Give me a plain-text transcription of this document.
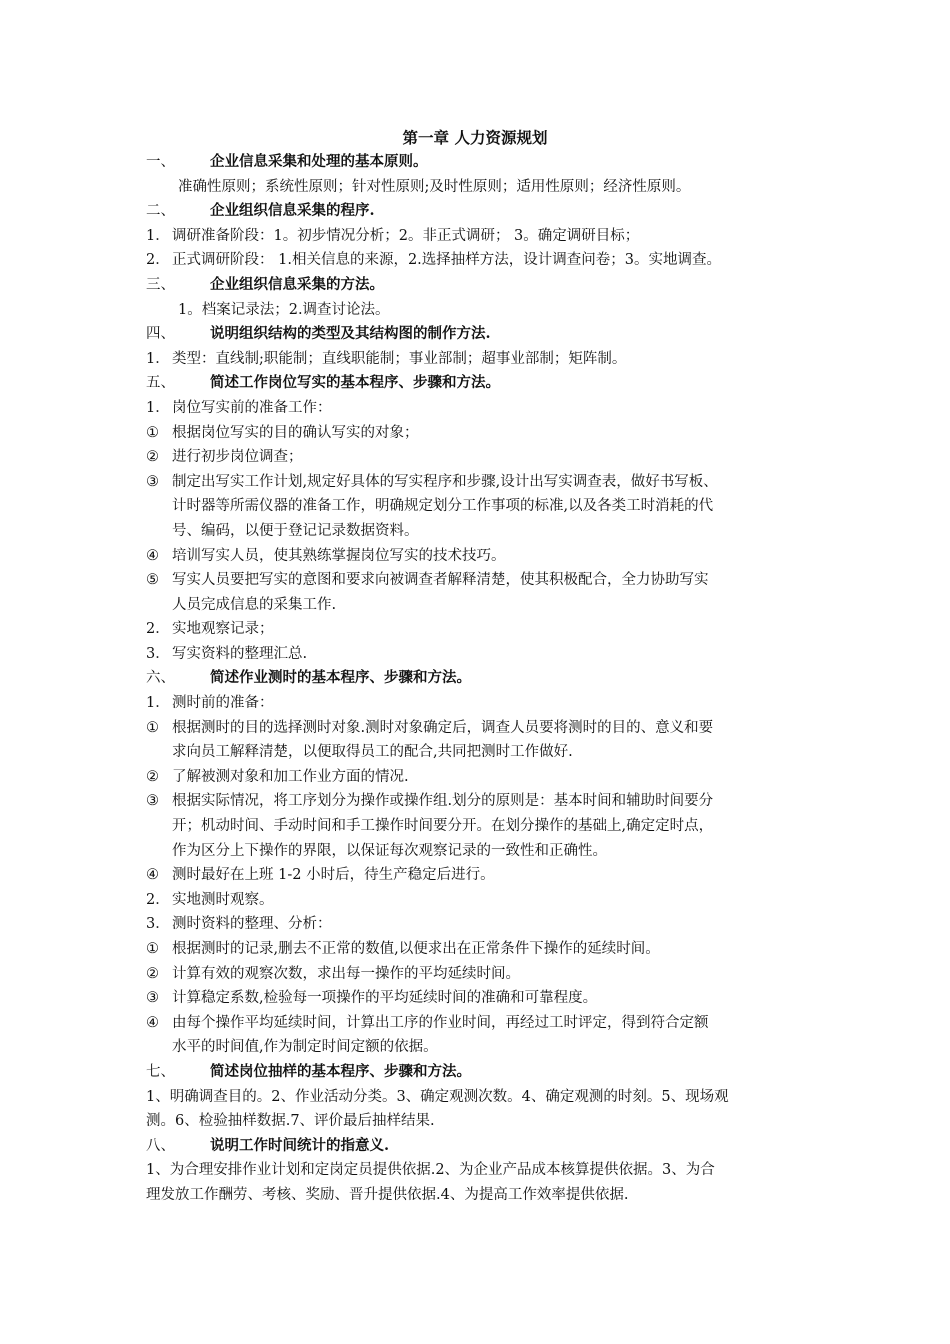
第一章 人力资源规划
一、 企业信息采集和处理的基本原则。
准确性原则；系统性原则；针对性原则;及时性原则；适用性原则；经济性原则。
二、 企业组织信息采集的程序.
1． 调研准备阶段：1。初步情况分析；2。非正式调研； 3。确定调研目标；
2． 正式调研阶段： 1.相关信息的来源，2.选择抽样方法，设计调查问卷；3。实地调查。
三、 企业组织信息采集的方法。
1。档案记录法；2.调查讨论法。
四、 说明组织结构的类型及其结构图的制作方法.
1． 类型：直线制;职能制；直线职能制；事业部制；超事业部制；矩阵制。
五、 简述工作岗位写实的基本程序、步骤和方法。
1． 岗位写实前的准备工作：
① 根据岗位写实的目的确认写实的对象；
② 进行初步岗位调查；
③ 制定出写实工作计划,规定好具体的写实程序和步骤,设计出写实调查表，做好书写板、
计时器等所需仪器的准备工作，明确规定划分工作事项的标准,以及各类工时消耗的代
号、编码，以便于登记记录数据资料。
④ 培训写实人员，使其熟练掌握岗位写实的技术技巧。
⑤ 写实人员要把写实的意图和要求向被调查者解释清楚，使其积极配合，全力协助写实
人员完成信息的采集工作.
2． 实地观察记录；
3． 写实资料的整理汇总.
六、 简述作业测时的基本程序、步骤和方法。
1． 测时前的准备：
① 根据测时的目的选择测时对象.测时对象确定后，调查人员要将测时的目的、意义和要
求向员工解释清楚，以便取得员工的配合,共同把测时工作做好.
② 了解被测对象和加工作业方面的情况.
③ 根据实际情况，将工序划分为操作或操作组.划分的原则是：基本时间和辅助时间要分
开；机动时间、手动时间和手工操作时间要分开。在划分操作的基础上,确定定时点，
作为区分上下操作的界限，以保证每次观察记录的一致性和正确性。
④ 测时最好在上班 1-2 小时后，待生产稳定后进行。
2． 实地测时观察。
3． 测时资料的整理、分析：
① 根据测时的记录,删去不正常的数值,以便求出在正常条件下操作的延续时间。
② 计算有效的观察次数，求出每一操作的平均延续时间。
③ 计算稳定系数,检验每一项操作的平均延续时间的准确和可靠程度。
④ 由每个操作平均延续时间，计算出工序的作业时间，再经过工时评定，得到符合定额
水平的时间值,作为制定时间定额的依据。
七、 简述岗位抽样的基本程序、步骤和方法。
1、明确调查目的。2、作业活动分类。3、确定观测次数。4、确定观测的时刻。5、现场观
测。6、检验抽样数据.7、评价最后抽样结果.
八、 说明工作时间统计的指意义.
1、为合理安排作业计划和定岗定员提供依据.2、为企业产品成本核算提供依据。3、为合
理发放工作酬劳、考核、奖励、晋升提供依据.4、为提高工作效率提供依据.
